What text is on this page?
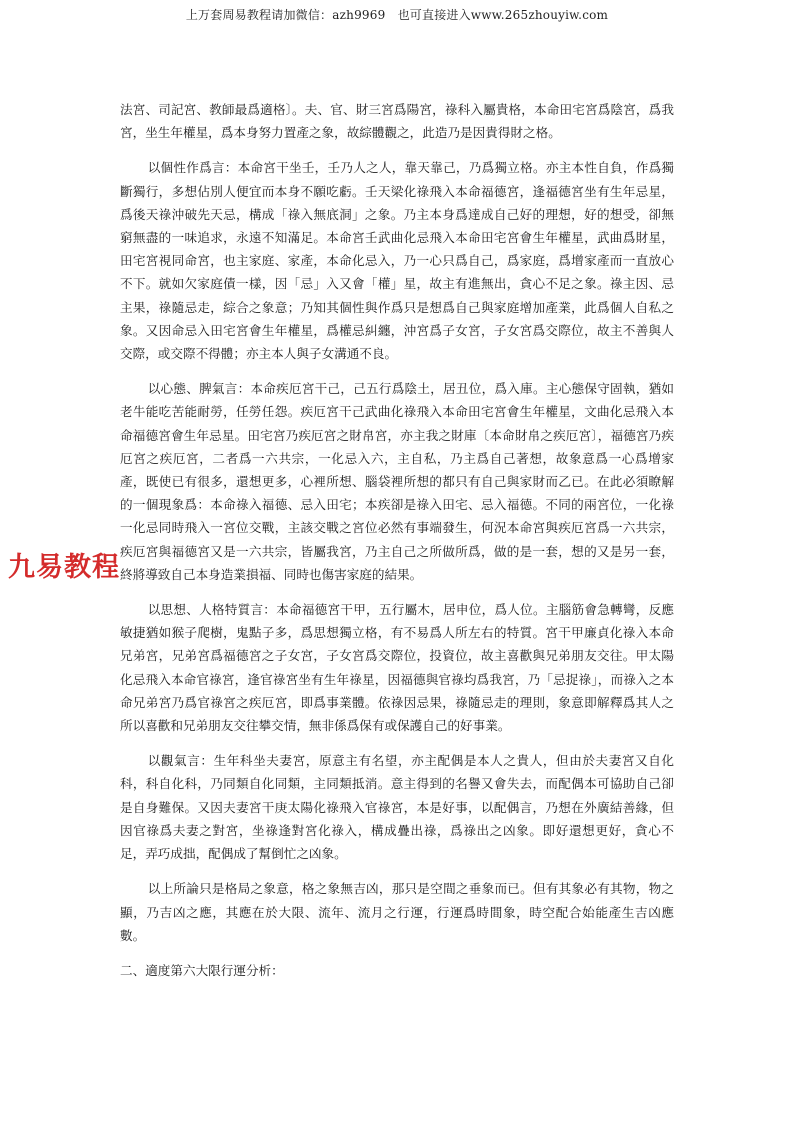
上万套周易教程请加微信：azh9969　也可直接进入www.265zhouyiw.com

法宮、司記宮、教師最爲適格〕。夫、官、財三宮爲陽宮，祿科入屬貴格，本命田宅宮爲陰宮，爲我宮，坐生年權星，爲本身努力置產之象，故綜體觀之，此造乃是因貴得財之格。

以個性作爲言：本命宮干坐壬，壬乃人之人，靠天靠己，乃爲獨立格。亦主本性自負，作爲獨斷獨行，多想佔別人便宜而本身不願吃虧。壬天梁化祿飛入本命福德宮，逢福德宮坐有生年忌星，爲後天祿沖破先天忌，構成「祿入無底洞」之象。乃主本身爲達成自己好的理想，好的想受，卻無窮無盡的一味追求，永遠不知滿足。本命宮壬武曲化忌飛入本命田宅宮會生年權星，武曲爲財星，田宅宮視同命宮，也主家庭、家產，本命化忌入，乃一心只爲自己，爲家庭，爲增家產而一直放心不下。就如欠家庭債一樣，因「忌」入又會「權」星，故主有進無出，貪心不足之象。祿主因、忌主果，祿隨忌走，綜合之象意；乃知其個性與作爲只是想爲自己與家庭增加產業，此爲個人自私之象。又因命忌入田宅宮會生年權星，爲權忌糾纏，沖宮爲子女宮，子女宮爲交際位，故主不善與人交際，或交際不得體；亦主本人與子女溝通不良。

以心態、脾氣言：本命疾厄宮干己，己五行爲陰土，居丑位，爲入庫。主心態保守固執，猶如老牛能吃苦能耐勞，任勞任怨。疾厄宮干己武曲化祿飛入本命田宅宮會生年權星，文曲化忌飛入本命福德宮會生年忌星。田宅宮乃疾厄宮之財帛宮，亦主我之財庫〔本命財帛之疾厄宮〕，福德宮乃疾厄宮之疾厄宮，二者爲一六共宗，一化忌入六，主自私，乃主爲自己著想，故象意爲一心爲增家產，既使已有很多，還想更多，心裡所想、腦袋裡所想的都只有自己與家財而乙已。在此必須瞭解的一個現象爲：本命祿入福德、忌入田宅；本疾卻是祿入田宅、忌入福德。不同的兩宮位，一化祿一化忌同時飛入一宮位交戰，主該交戰之宮位必然有事端發生，何況本命宮與疾厄宮爲一六共宗，疾厄宮與福德宮又是一六共宗，皆屬我宮，乃主自己之所做所爲，做的是一套，想的又是另一套，終將導致自己本身造業損福、同時也傷害家庭的結果。

以思想、人格特質言：本命福德宮干甲，五行屬木，居申位，爲人位。主腦筋會急轉彎，反應敏捷猶如猴子爬樹，鬼點子多，爲思想獨立格，有不易爲人所左右的特質。宮干甲廉貞化祿入本命兄弟宮，兄弟宮爲福德宮之子女宮，子女宮爲交際位，投資位，故主喜歡與兄弟朋友交往。甲太陽化忌飛入本命官祿宮，逢官祿宮坐有生年祿星，因福德與官祿均爲我宮，乃「忌捉祿」，而祿入之本命兄弟宮乃爲官祿宮之疾厄宮，即爲事業體。依祿因忌果，祿隨忌走的理則，象意即解釋爲其人之所以喜歡和兄弟朋友交往攀交情，無非係爲保有或保護自己的好事業。

以觀氣言：生年科坐夫妻宮，原意主有名望，亦主配偶是本人之貴人，但由於夫妻宮又自化科，科自化科，乃同類自化同類，主同類抵消。意主得到的名譽又會失去，而配偶本可協助自己卻是自身難保。又因夫妻宮干庚太陽化祿飛入官祿宮，本是好事，以配偶言，乃想在外廣結善緣，但因官祿爲夫妻之對宮，坐祿逢對宮化祿入，構成疊出祿，爲祿出之凶象。即好還想更好，貪心不足，弄巧成拙，配偶成了幫倒忙之凶象。

以上所論只是格局之象意，格之象無吉凶，那只是空間之垂象而已。但有其象必有其物，物之顯，乃吉凶之應，其應在於大限、流年、流月之行運，行運爲時間象，時空配合始能產生吉凶應數。

二、適度第六大限行運分析：

九易教程
